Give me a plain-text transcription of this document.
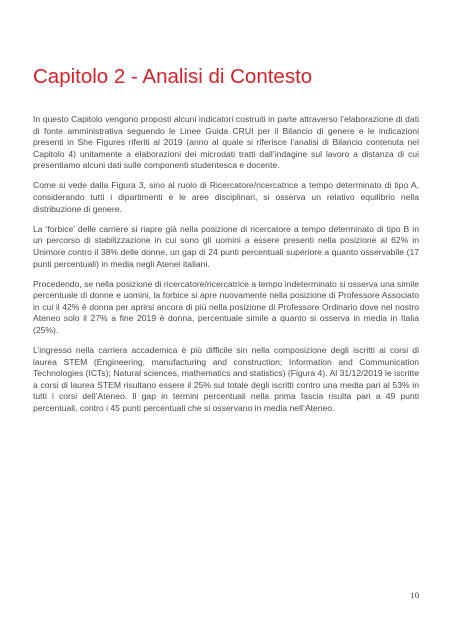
Capitolo 2 - Analisi di Contesto

In questo Capitolo vengono proposti alcuni indicatori costruiti in parte attraverso l’elaborazione di dati di fonte amministrativa seguendo le Linee Guida CRUI per il Bilancio di genere e le indicazioni presenti in She Figures riferiti al 2019 (anno al quale si riferisce l’analisi di Bilancio contenuta nel Capitolo 4) unitamente a elaborazioni dei microdati tratti dall’indagine sul lavoro a distanza di cui presentiamo alcuni dati sulle componenti studentesca e docente.

Come si vede dalla Figura 3, sino al ruolo di Ricercatore/ricercatrice a tempo determinato di tipo A, considerando tutti i dipartimenti e le aree disciplinari, si osserva un relativo equilibrio nella distribuzione di genere.

La ‘forbice’ delle carriere si riapre già nella posizione di ricercatore a tempo determinato di tipo B in un percorso di stabilizzazione in cui sono gli uomini a essere presenti nella posizione al 62% in Unimore contro il 38% delle donne, un gap di 24 punti percentuali superiore a quanto osservabile (17 punti percentuali) in media negli Atenei italiani.

Procedendo, se nella posizione di ricercatore/ricercatrice a tempo indeterminato si osserva una simile percentuale di donne e uomini, la forbice si apre nuovamente nella posizione di Professore Associato in cui il 42% è donna per aprirsi ancora di più nella posizione di Professore Ordinario dove nel nostro Ateneo solo il 27% a fine 2019 è donna, percentuale simile a quanto si osserva in media in Italia (25%).

L’ingresso nella carriera accademica è più difficile sin nella composizione degli iscritti ai corsi di laurea STEM (Engineering, manufacturing and construction; Information and Communication Technologies (ICTs); Natural sciences, mathematics and statistics) (Figura 4). Al 31/12/2019 le iscritte a corsi di laurea STEM risultano essere il 25% sul totale degli iscritti contro una media pari al 53% in tutti i corsi dell’Ateneo. Il gap in termini percentuali nella prima fascia risulta pari a 49 punti percentuali, contro i 45 punti percentuali che si osservano in media nell’Ateneo.

10
